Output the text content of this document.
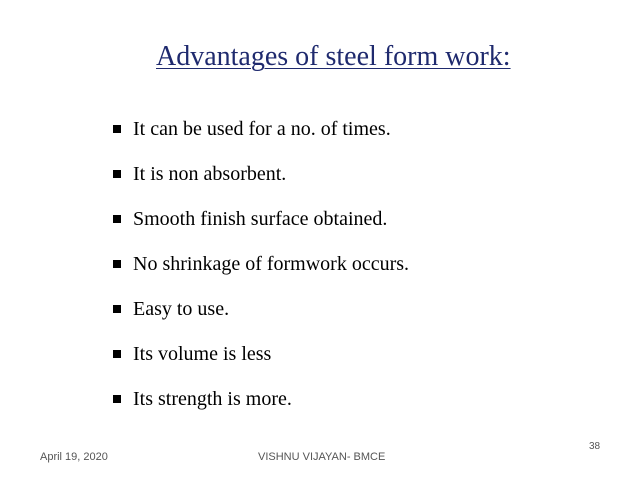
Advantages of steel form work:
It can be used for a no. of times.
It is non absorbent.
Smooth finish surface obtained.
No shrinkage of formwork occurs.
Easy to use.
Its volume is less
Its strength is more.
April 19, 2020	VISHNU VIJAYAN- BMCE
38
